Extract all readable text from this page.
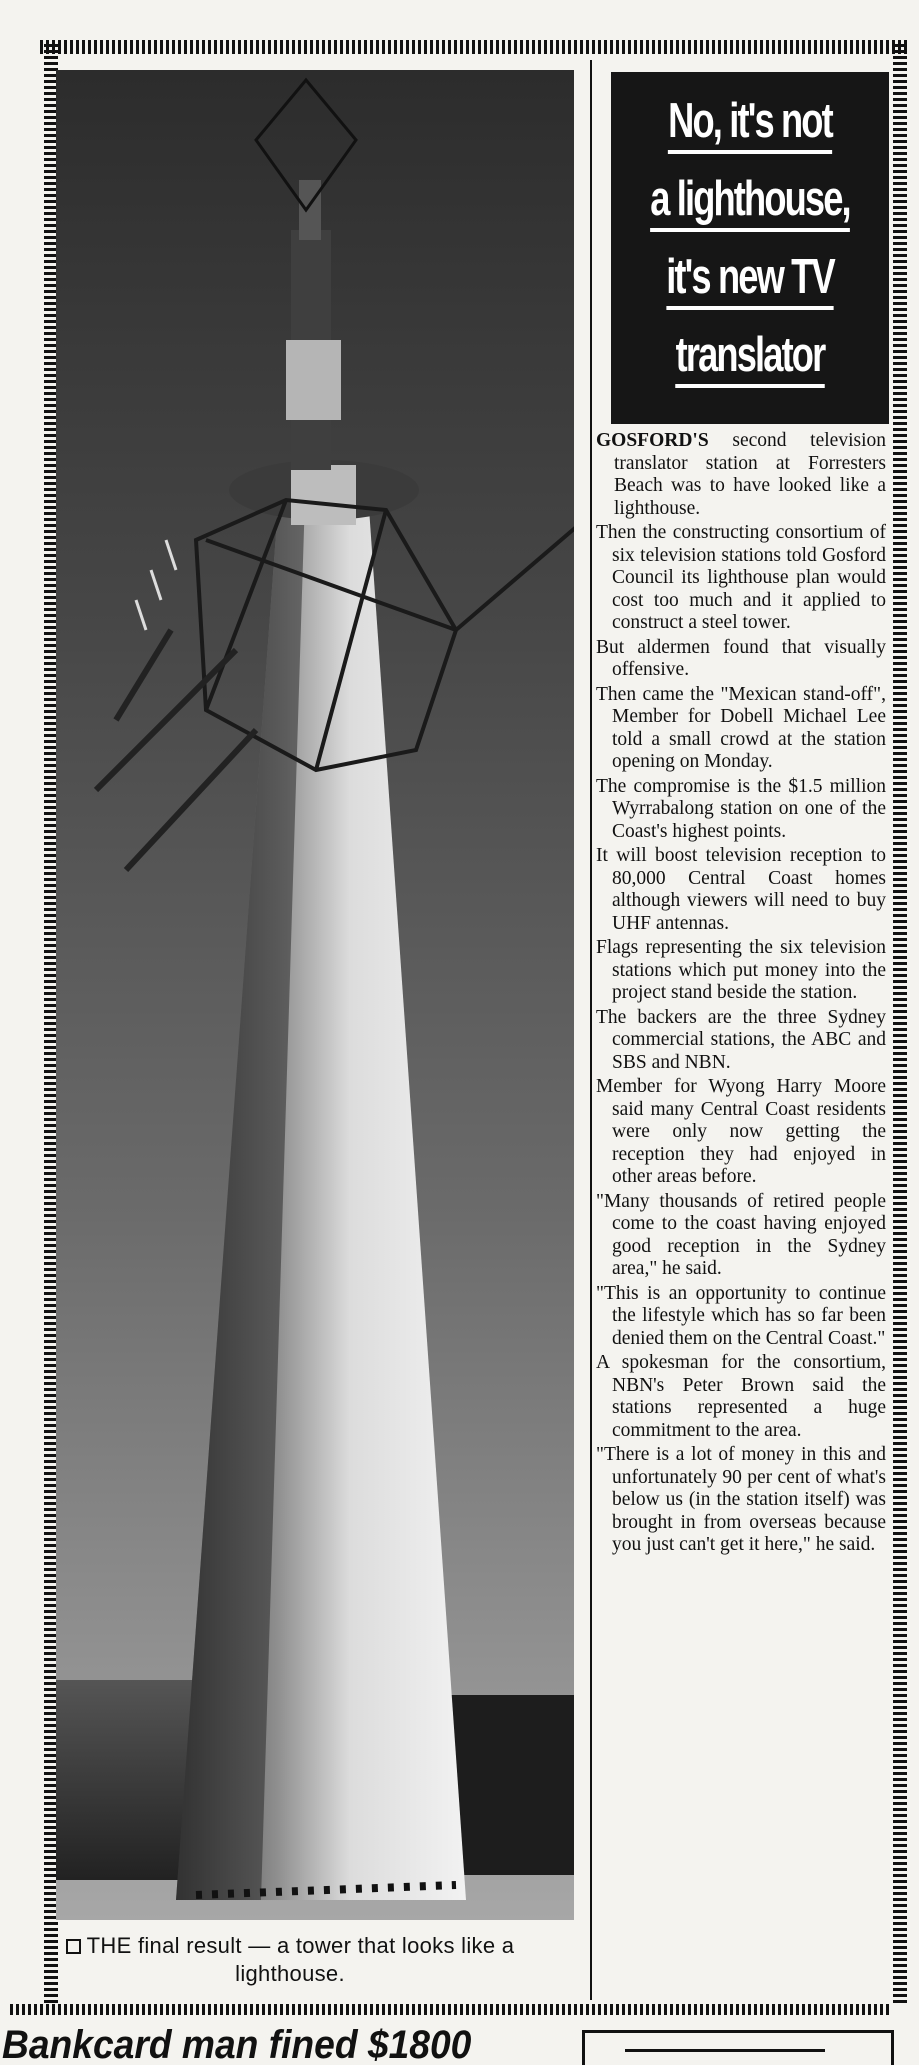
THE final result — a tower that looks like a lighthouse.
No, it's not
a lighthouse,
it's new TV
translator

GOSFORD'S second television translator station at Forresters Beach was to have looked like a lighthouse.

Then the constructing consortium of six television stations told Gosford Council its lighthouse plan would cost too much and it applied to construct a steel tower.

But aldermen found that visually offensive.

Then came the "Mexican stand-off", Member for Dobell Michael Lee told a small crowd at the station opening on Monday.

The compromise is the $1.5 million Wyrrabalong station on one of the Coast's highest points.

It will boost television reception to 80,000 Central Coast homes although viewers will need to buy UHF antennas.

Flags representing the six television stations which put money into the project stand beside the station.

The backers are the three Sydney commercial stations, the ABC and SBS and NBN.

Member for Wyong Harry Moore said many Central Coast residents were only now getting the reception they had enjoyed in other areas before.

"Many thousands of retired people come to the coast having enjoyed good reception in the Sydney area," he said.

"This is an opportunity to continue the lifestyle which has so far been denied them on the Central Coast."

A spokesman for the consortium, NBN's Peter Brown said the stations represented a huge commitment to the area.

"There is a lot of money in this and unfortunately 90 per cent of what's below us (in the station itself) was brought in from overseas because you just can't get it here," he said.

Bankcard man fined $1800
